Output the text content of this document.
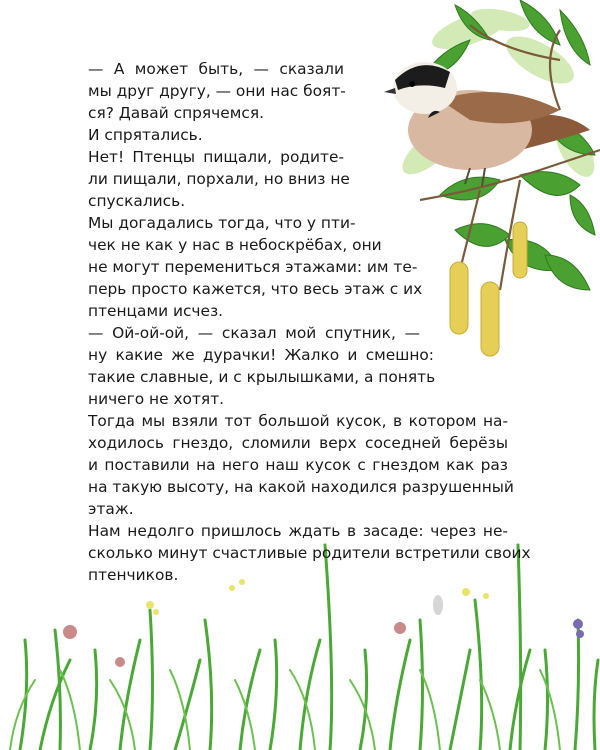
— А может быть, — сказали
мы друг другу, — они нас боят-
ся? Давай спрячемся.
И спрятались.
Нет! Птенцы пищали, родите-
ли пищали, порхали, но вниз не
спускались.
Мы догадались тогда, что у пти-
чек не как у нас в небоскрёбах, они
не могут перемениться этажами: им те-
перь просто кажется, что весь этаж с их
птенцами исчез.
— Ой-ой-ой, — сказал мой спутник, —
ну какие же дурачки! Жалко и смешно:
такие славные, и с крылышками, а понять
ничего не хотят.
Тогда мы взяли тот большой кусок, в котором на-
ходилось гнездо, сломили верх соседней берёзы
и поставили на него наш кусок с гнездом как раз
на такую высоту, на какой находился разрушенный
этаж.
Нам недолго пришлось ждать в засаде: через не-
сколько минут счастливые родители встретили своих
птенчиков.
